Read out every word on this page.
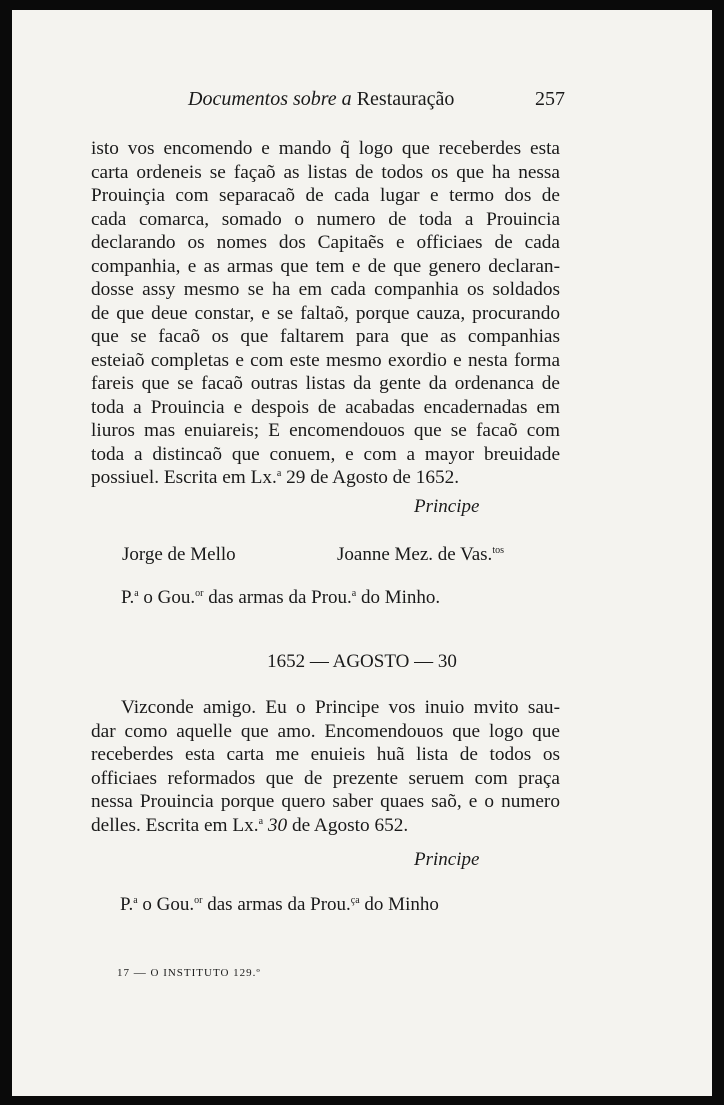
Documentos sobre a Restauração	257
isto vos encomendo e mando q̃ logo que receberdes esta
carta ordeneis se façaõ as listas de todos os que ha nessa
Prouinçia com separacaõ de cada lugar e termo dos de
cada comarca, somado o numero de toda a Prouincia
declarando os nomes dos Capitaẽs e officiaes de cada
companhia, e as armas que tem e de que genero declaran-
dosse assy mesmo se ha em cada companhia os soldados
de que deue constar, e se faltaõ, porque cauza, procurando
que se facaõ os que faltarem para que as companhias
esteiaõ completas e com este mesmo exordio e nesta forma
fareis que se facaõ outras listas da gente da ordenanca de
toda a Prouincia e despois de acabadas encadernadas em
liuros mas enuiareis; E encomendouos que se facaõ com
toda a distincaõ que conuem, e com a mayor breuidade
possiuel. Escrita em Lx.$^a$ 29 de Agosto de 1652.
Principe
Jorge de Mello	Joanne Mez. de Vas.$^{tos}$
P.$^a$ o Gou.$^{or}$ das armas da Prou.$^a$ do Minho.
1652 — AGOSTO — 30
Vizconde amigo. Eu o Principe vos inuio mvito sau-
dar como aquelle que amo. Encomendouos que logo que
receberdes esta carta me enuieis huã lista de todos os
officiaes reformados que de prezente seruem com praça
nessa Prouincia porque quero saber quaes saõ, e o numero
delles. Escrita em Lx.$^a$ 30 de Agosto 652.
Principe
P.$^a$ o Gou.$^{or}$ das armas da Prou.$^{ça}$ do Minho
17 — O INSTITUTO 129.º
